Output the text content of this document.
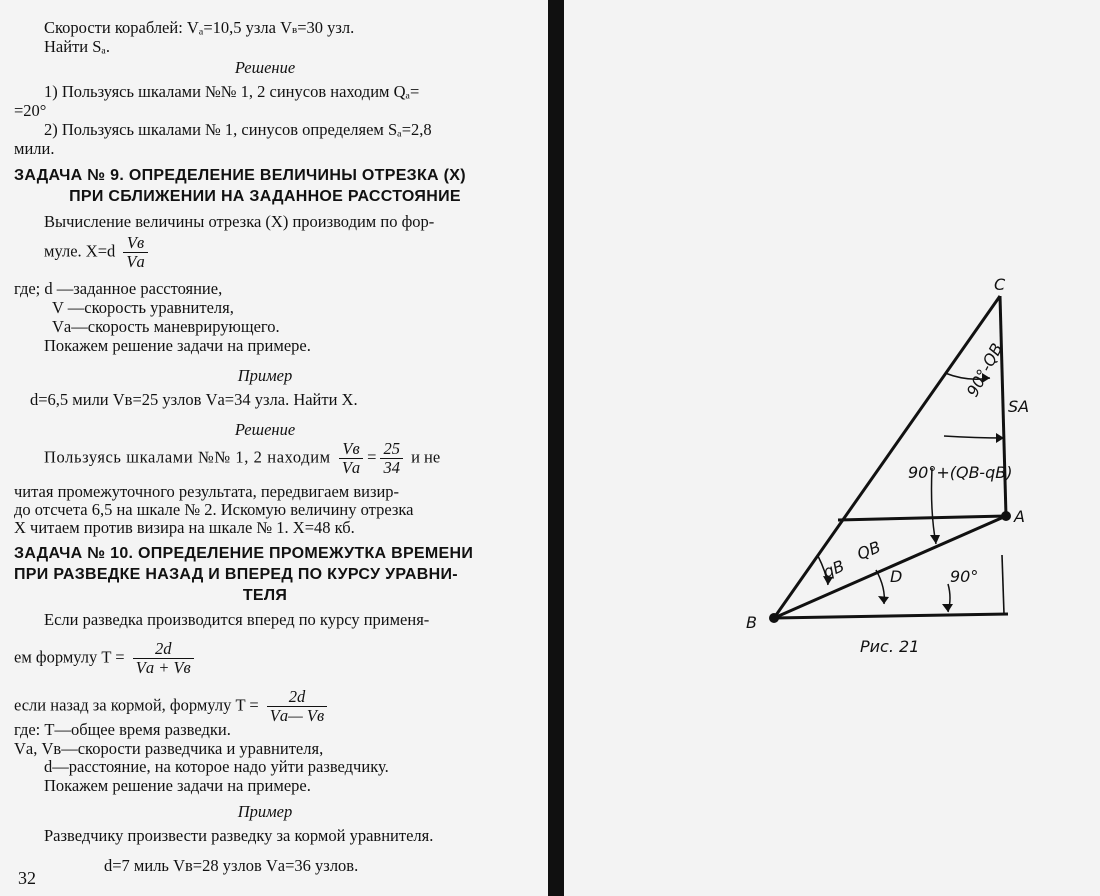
Скорости кораблей: Vₐ=10,5 узла Vв=30 узл.
Найти Sₐ.
Решение
1) Пользуясь шкалами №№ 1, 2 синусов находим Qₐ=
=20°
2) Пользуясь шкалами № 1, синусов определяем Sₐ=2,8
мили.
ЗАДАЧА № 9. ОПРЕДЕЛЕНИЕ ВЕЛИЧИНЫ ОТРЕЗКА (X)
ПРИ СБЛИЖЕНИИ НА ЗАДАННОЕ РАССТОЯНИЕ
Вычисление величины отрезка (X) производим по фор-
муле. $X=d \frac{Vв}{Vа}$
где; d —заданное расстояние,
V —скорость уравнителя,
Vа—скорость маневрирующего.
Покажем решение задачи на примере.
Пример
d=6,5 мили Vв=25 узлов Vа=34 узла. Найти X.
Решение
Пользуясь шкалами №№ 1, 2 находим $\frac{Vв}{Vа} = \frac{25}{34}$ и не
читая промежуточного результата, передвигаем визир-
до отсчета 6,5 на шкале № 2. Искомую величину отрезка
X читаем против визира на шкале № 1. X=48 кб.
ЗАДАЧА № 10. ОПРЕДЕЛЕНИЕ ПРОМЕЖУТКА ВРЕМЕНИ
ПРИ РАЗВЕДКЕ НАЗАД И ВПЕРЕД ПО КУРСУ УРАВНИ-
ТЕЛЯ
Если разведка производится вперед по курсу применя-
ем формулу $T = \frac{2d}{Vа + Vв}$
если назад за кормой, формулу $T = \frac{2d}{Vа— Vв}$
где: T—общее время разведки.
Vа, Vв—скорости разведчика и уравнителя,
d—расстояние, на которое надо уйти разведчику.
Покажем решение задачи на примере.
Пример
Разведчику произвести разведку за кормой уравнителя.
d=7 миль Vв=28 узлов Vа=36 узлов.
32
C
A
B
SA
D
QB
qB
90°-QB
90°+(QB-qB)
90°
Рис. 21
